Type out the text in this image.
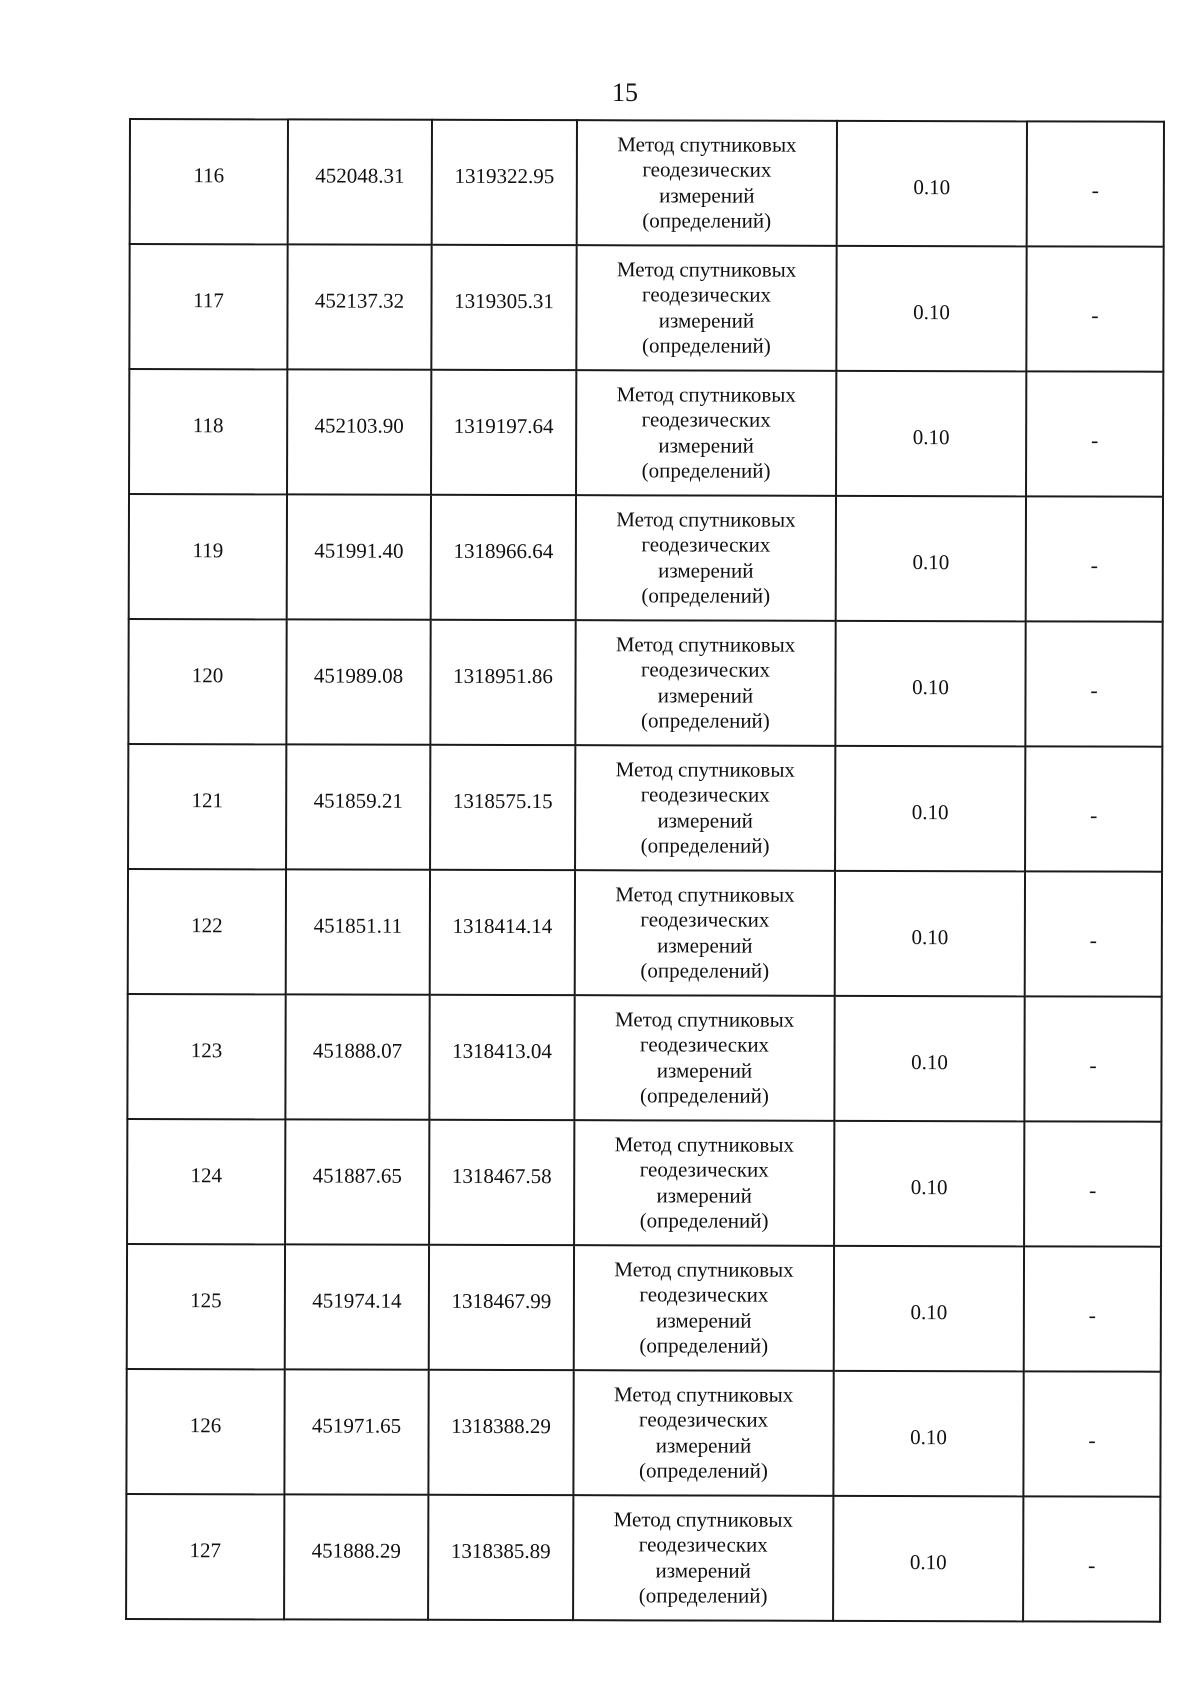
15
116	452048.31	1319322.95	Метод спутниковых
геодезических
измерений
(определений)	0.10	-
117	452137.32	1319305.31	Метод спутниковых
геодезических
измерений
(определений)	0.10	-
118	452103.90	1319197.64	Метод спутниковых
геодезических
измерений
(определений)	0.10	-
119	451991.40	1318966.64	Метод спутниковых
геодезических
измерений
(определений)	0.10	-
120	451989.08	1318951.86	Метод спутниковых
геодезических
измерений
(определений)	0.10	-
121	451859.21	1318575.15	Метод спутниковых
геодезических
измерений
(определений)	0.10	-
122	451851.11	1318414.14	Метод спутниковых
геодезических
измерений
(определений)	0.10	-
123	451888.07	1318413.04	Метод спутниковых
геодезических
измерений
(определений)	0.10	-
124	451887.65	1318467.58	Метод спутниковых
геодезических
измерений
(определений)	0.10	-
125	451974.14	1318467.99	Метод спутниковых
геодезических
измерений
(определений)	0.10	-
126	451971.65	1318388.29	Метод спутниковых
геодезических
измерений
(определений)	0.10	-
127	451888.29	1318385.89	Метод спутниковых
геодезических
измерений
(определений)	0.10	-
